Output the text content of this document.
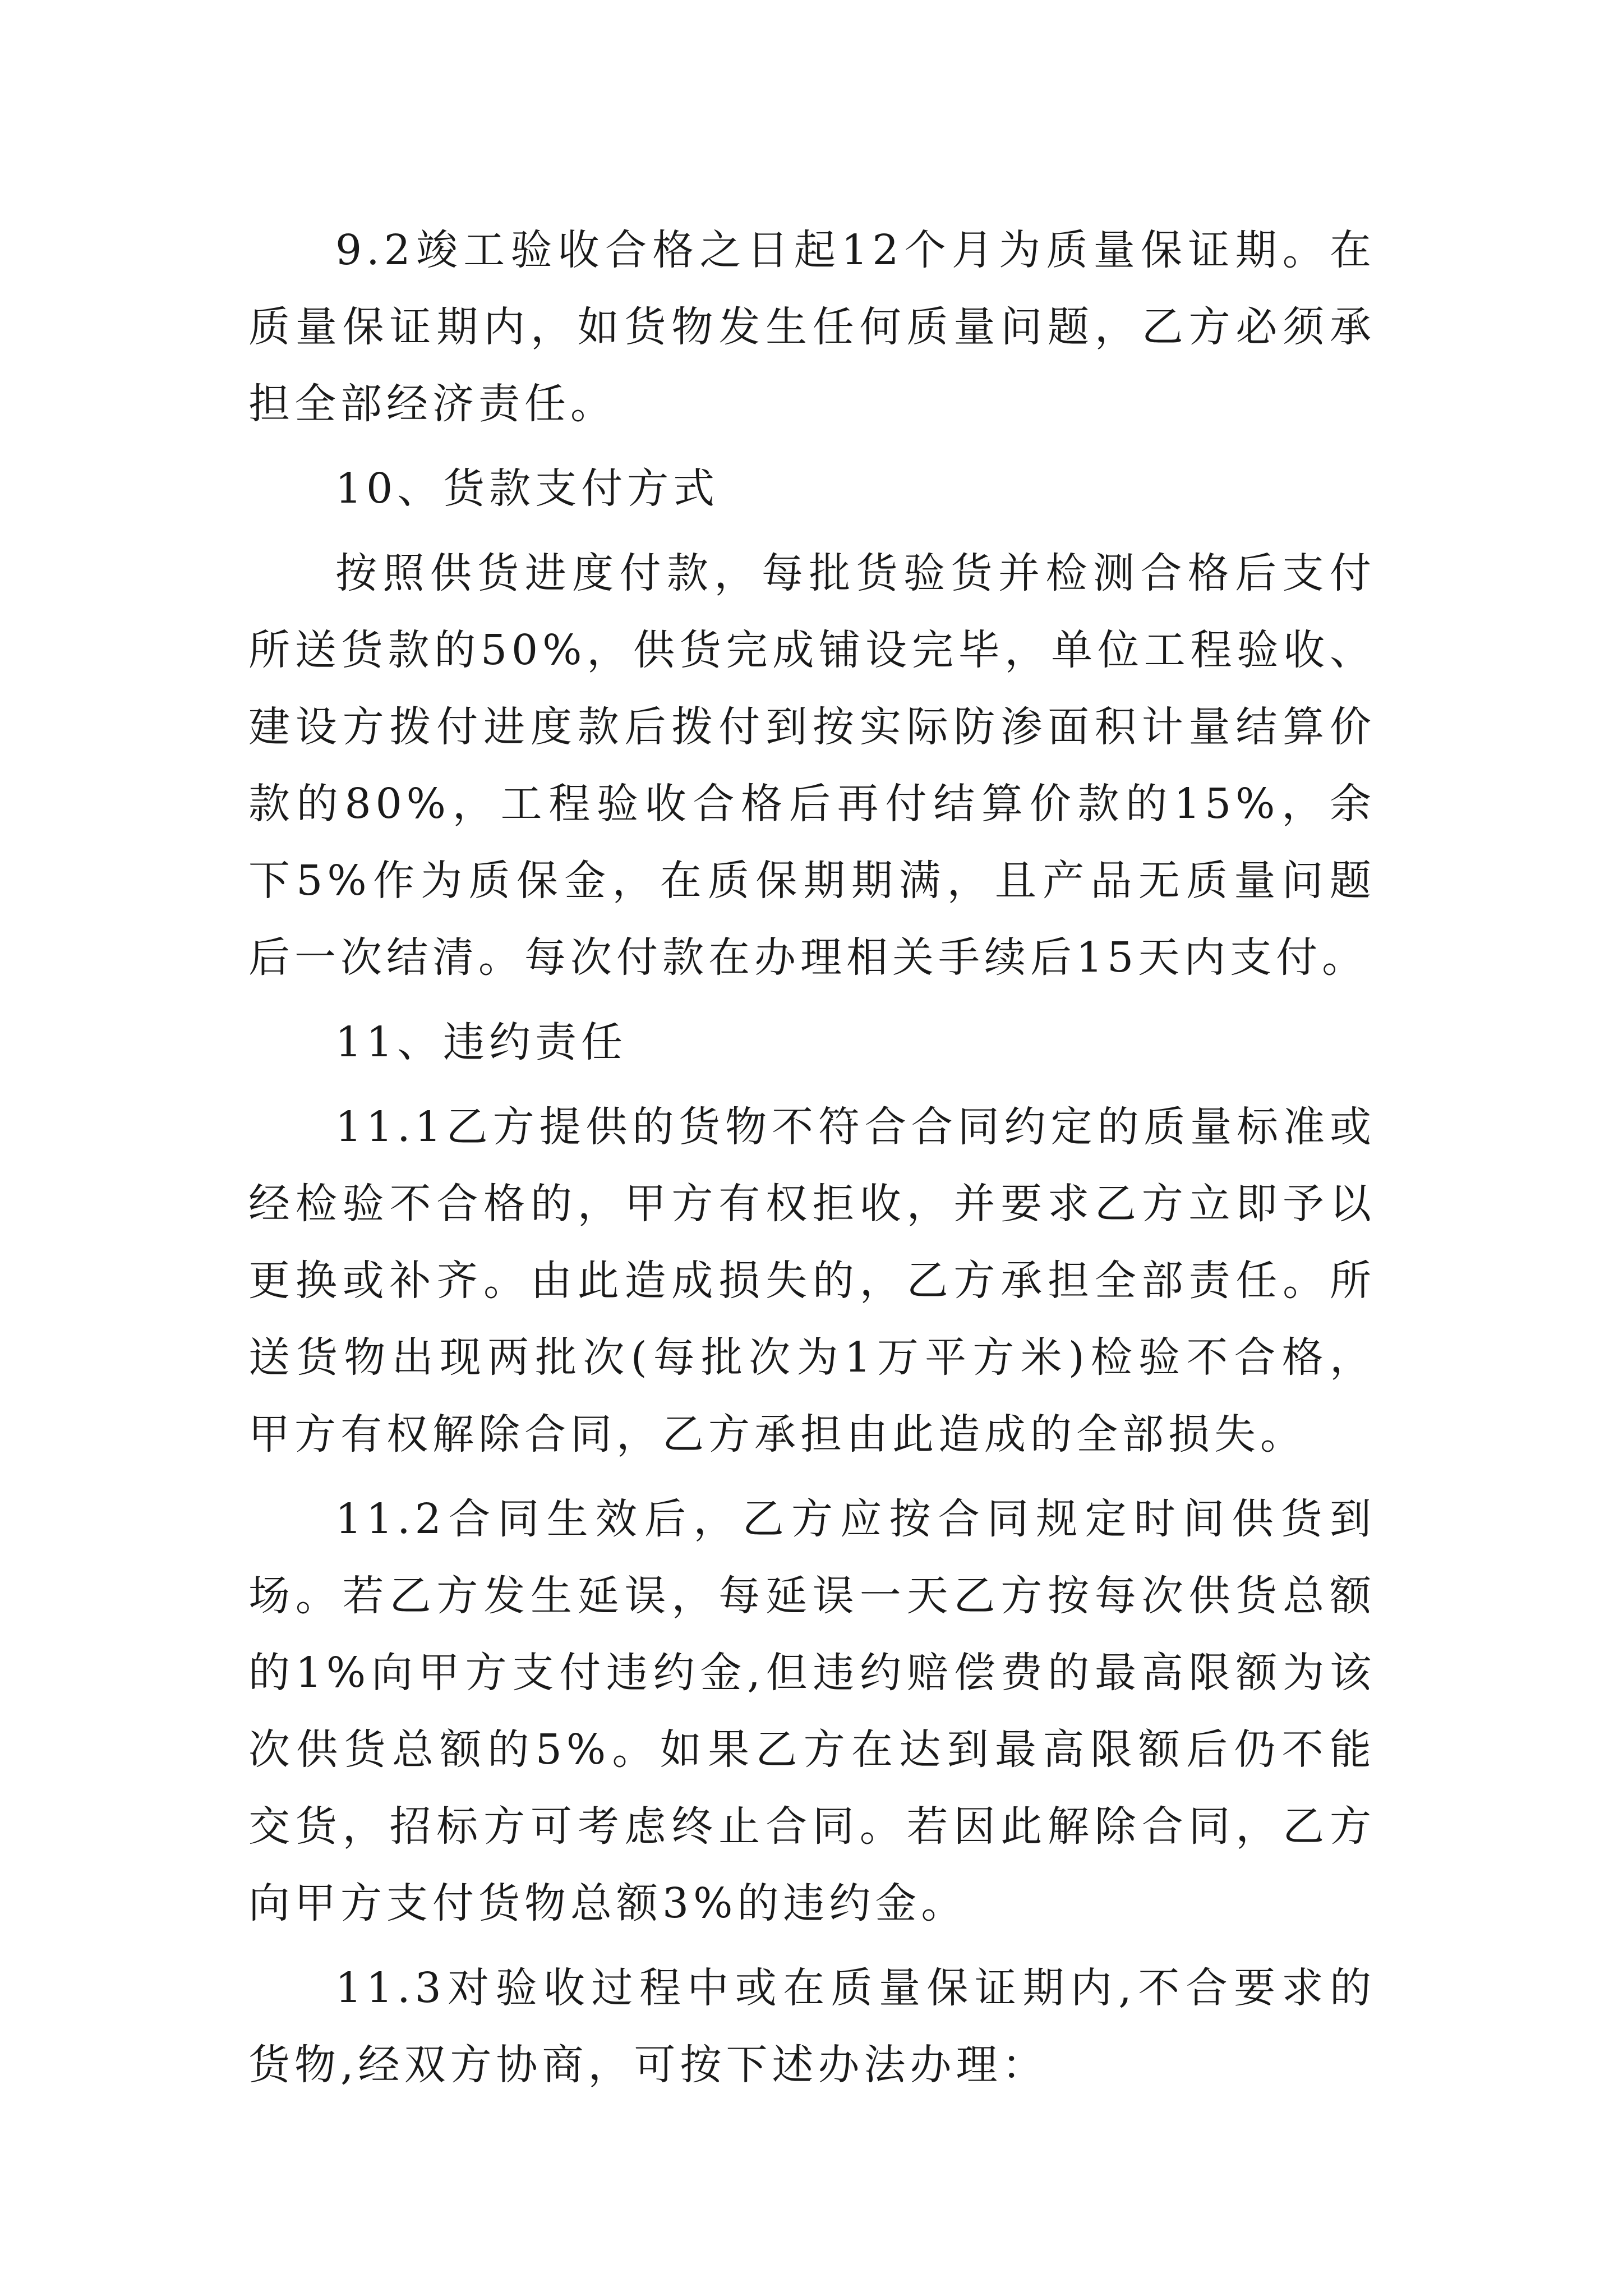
9.2竣工验收合格之日起12个月为质量保证期。在质量保证期内，如货物发生任何质量问题，乙方必须承担全部经济责任。

10、货款支付方式

按照供货进度付款，每批货验货并检测合格后支付所送货款的50%，供货完成铺设完毕，单位工程验收、建设方拨付进度款后拨付到按实际防渗面积计量结算价款的80%，工程验收合格后再付结算价款的15%，余下5%作为质保金，在质保期期满，且产品无质量问题后一次结清。每次付款在办理相关手续后15天内支付。

11、违约责任

11.1乙方提供的货物不符合合同约定的质量标准或经检验不合格的，甲方有权拒收，并要求乙方立即予以更换或补齐。由此造成损失的，乙方承担全部责任。所送货物出现两批次(每批次为1万平方米)检验不合格，甲方有权解除合同，乙方承担由此造成的全部损失。

11.2合同生效后，乙方应按合同规定时间供货到场。若乙方发生延误，每延误一天乙方按每次供货总额的1%向甲方支付违约金,但违约赔偿费的最高限额为该次供货总额的5%。如果乙方在达到最高限额后仍不能交货，招标方可考虑终止合同。若因此解除合同，乙方向甲方支付货物总额3%的违约金。

11.3对验收过程中或在质量保证期内,不合要求的货物,经双方协商，可按下述办法办理：
